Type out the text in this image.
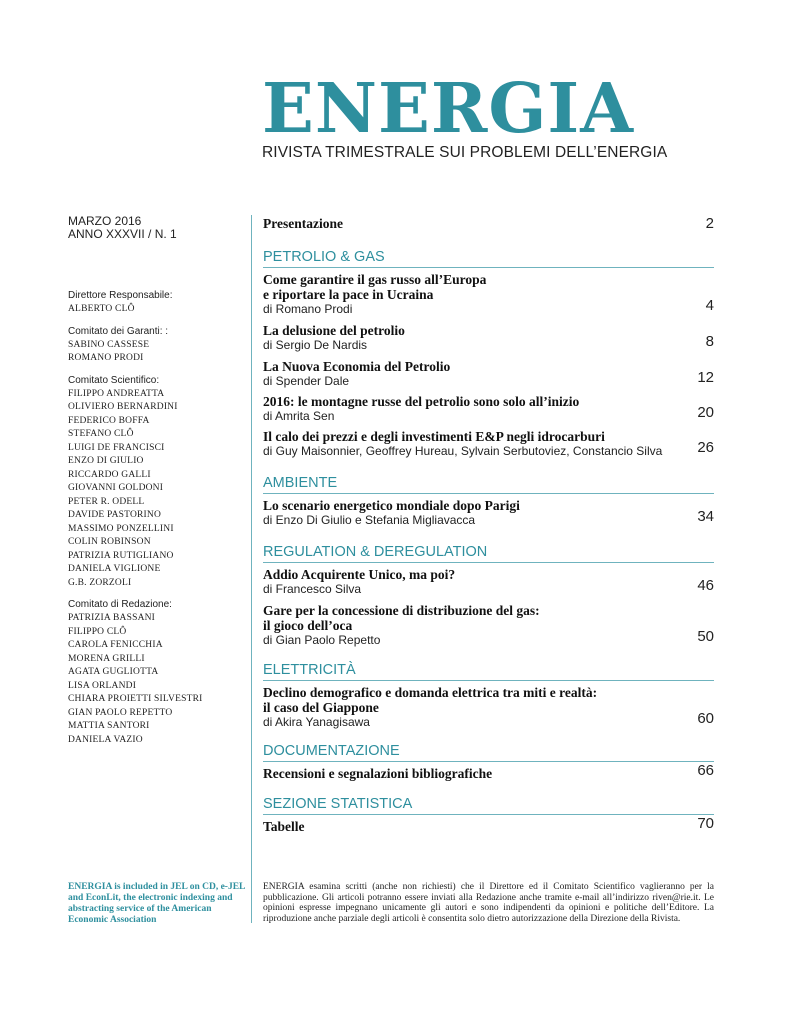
ENERGIA
RIVISTA TRIMESTRALE SUI PROBLEMI DELL’ENERGIA
MARZO 2016
ANNO XXXVII / N. 1
Direttore Responsabile:
ALBERTO CLÔ
Comitato dei Garanti: :
SABINO CASSESE
ROMANO PRODI
Comitato Scientifico:
FILIPPO ANDREATTA
OLIVIERO BERNARDINI
FEDERICO BOFFA
STEFANO CLÔ
LUIGI DE FRANCISCI
ENZO DI GIULIO
RICCARDO GALLI
GIOVANNI GOLDONI
PETER R. ODELL
DAVIDE PASTORINO
MASSIMO PONZELLINI
COLIN ROBINSON
PATRIZIA RUTIGLIANO
DANIELA VIGLIONE
G.B. ZORZOLI
Comitato di Redazione:
PATRIZIA BASSANI
FILIPPO CLÔ
CAROLA FENICCHIA
MORENA GRILLI
AGATA GUGLIOTTA
LISA ORLANDI
CHIARA PROIETTI SILVESTRI
GIAN PAOLO REPETTO
MATTIA SANTORI
DANIELA VAZIO
Presentazione	2
PETROLIO & GAS
Come garantire il gas russo all’Europa
e riportare la pace in Ucraina
di Romano Prodi	4
La delusione del petrolio
di Sergio De Nardis	8
La Nuova Economia del Petrolio
di Spender Dale	12
2016: le montagne russe del petrolio sono solo all’inizio
di Amrita Sen	20
Il calo dei prezzi e degli investimenti E&P negli idrocarburi
di Guy Maisonnier, Geoffrey Hureau, Sylvain Serbutoviez, Constancio Silva	26
AMBIENTE
Lo scenario energetico mondiale dopo Parigi
di Enzo Di Giulio e Stefania Migliavacca	34
REGULATION & DEREGULATION
Addio Acquirente Unico, ma poi?
di Francesco Silva	46
Gare per la concessione di distribuzione del gas:
il gioco dell’oca
di Gian Paolo Repetto	50
ELETTRICITÀ
Declino demografico e domanda elettrica tra miti e realtà:
il caso del Giappone
di Akira Yanagisawa	60
DOCUMENTAZIONE
Recensioni e segnalazioni bibliografiche	66
SEZIONE STATISTICA
Tabelle	70
ENERGIA is included in JEL on CD, e-JEL and EconLit, the electronic indexing and abstracting service of the American Economic Association
ENERGIA esamina scritti (anche non richiesti) che il Direttore ed il Comitato Scientifico vaglieranno per la pubblicazione. Gli articoli potranno essere inviati alla Redazione anche tramite e-mail all’indirizzo riven@rie.it. Le opinioni espresse impegnano unicamente gli autori e sono indipendenti da opinioni e politiche dell’Editore. La riproduzione anche parziale degli articoli è consentita solo dietro autorizzazione della Direzione della Rivista.
